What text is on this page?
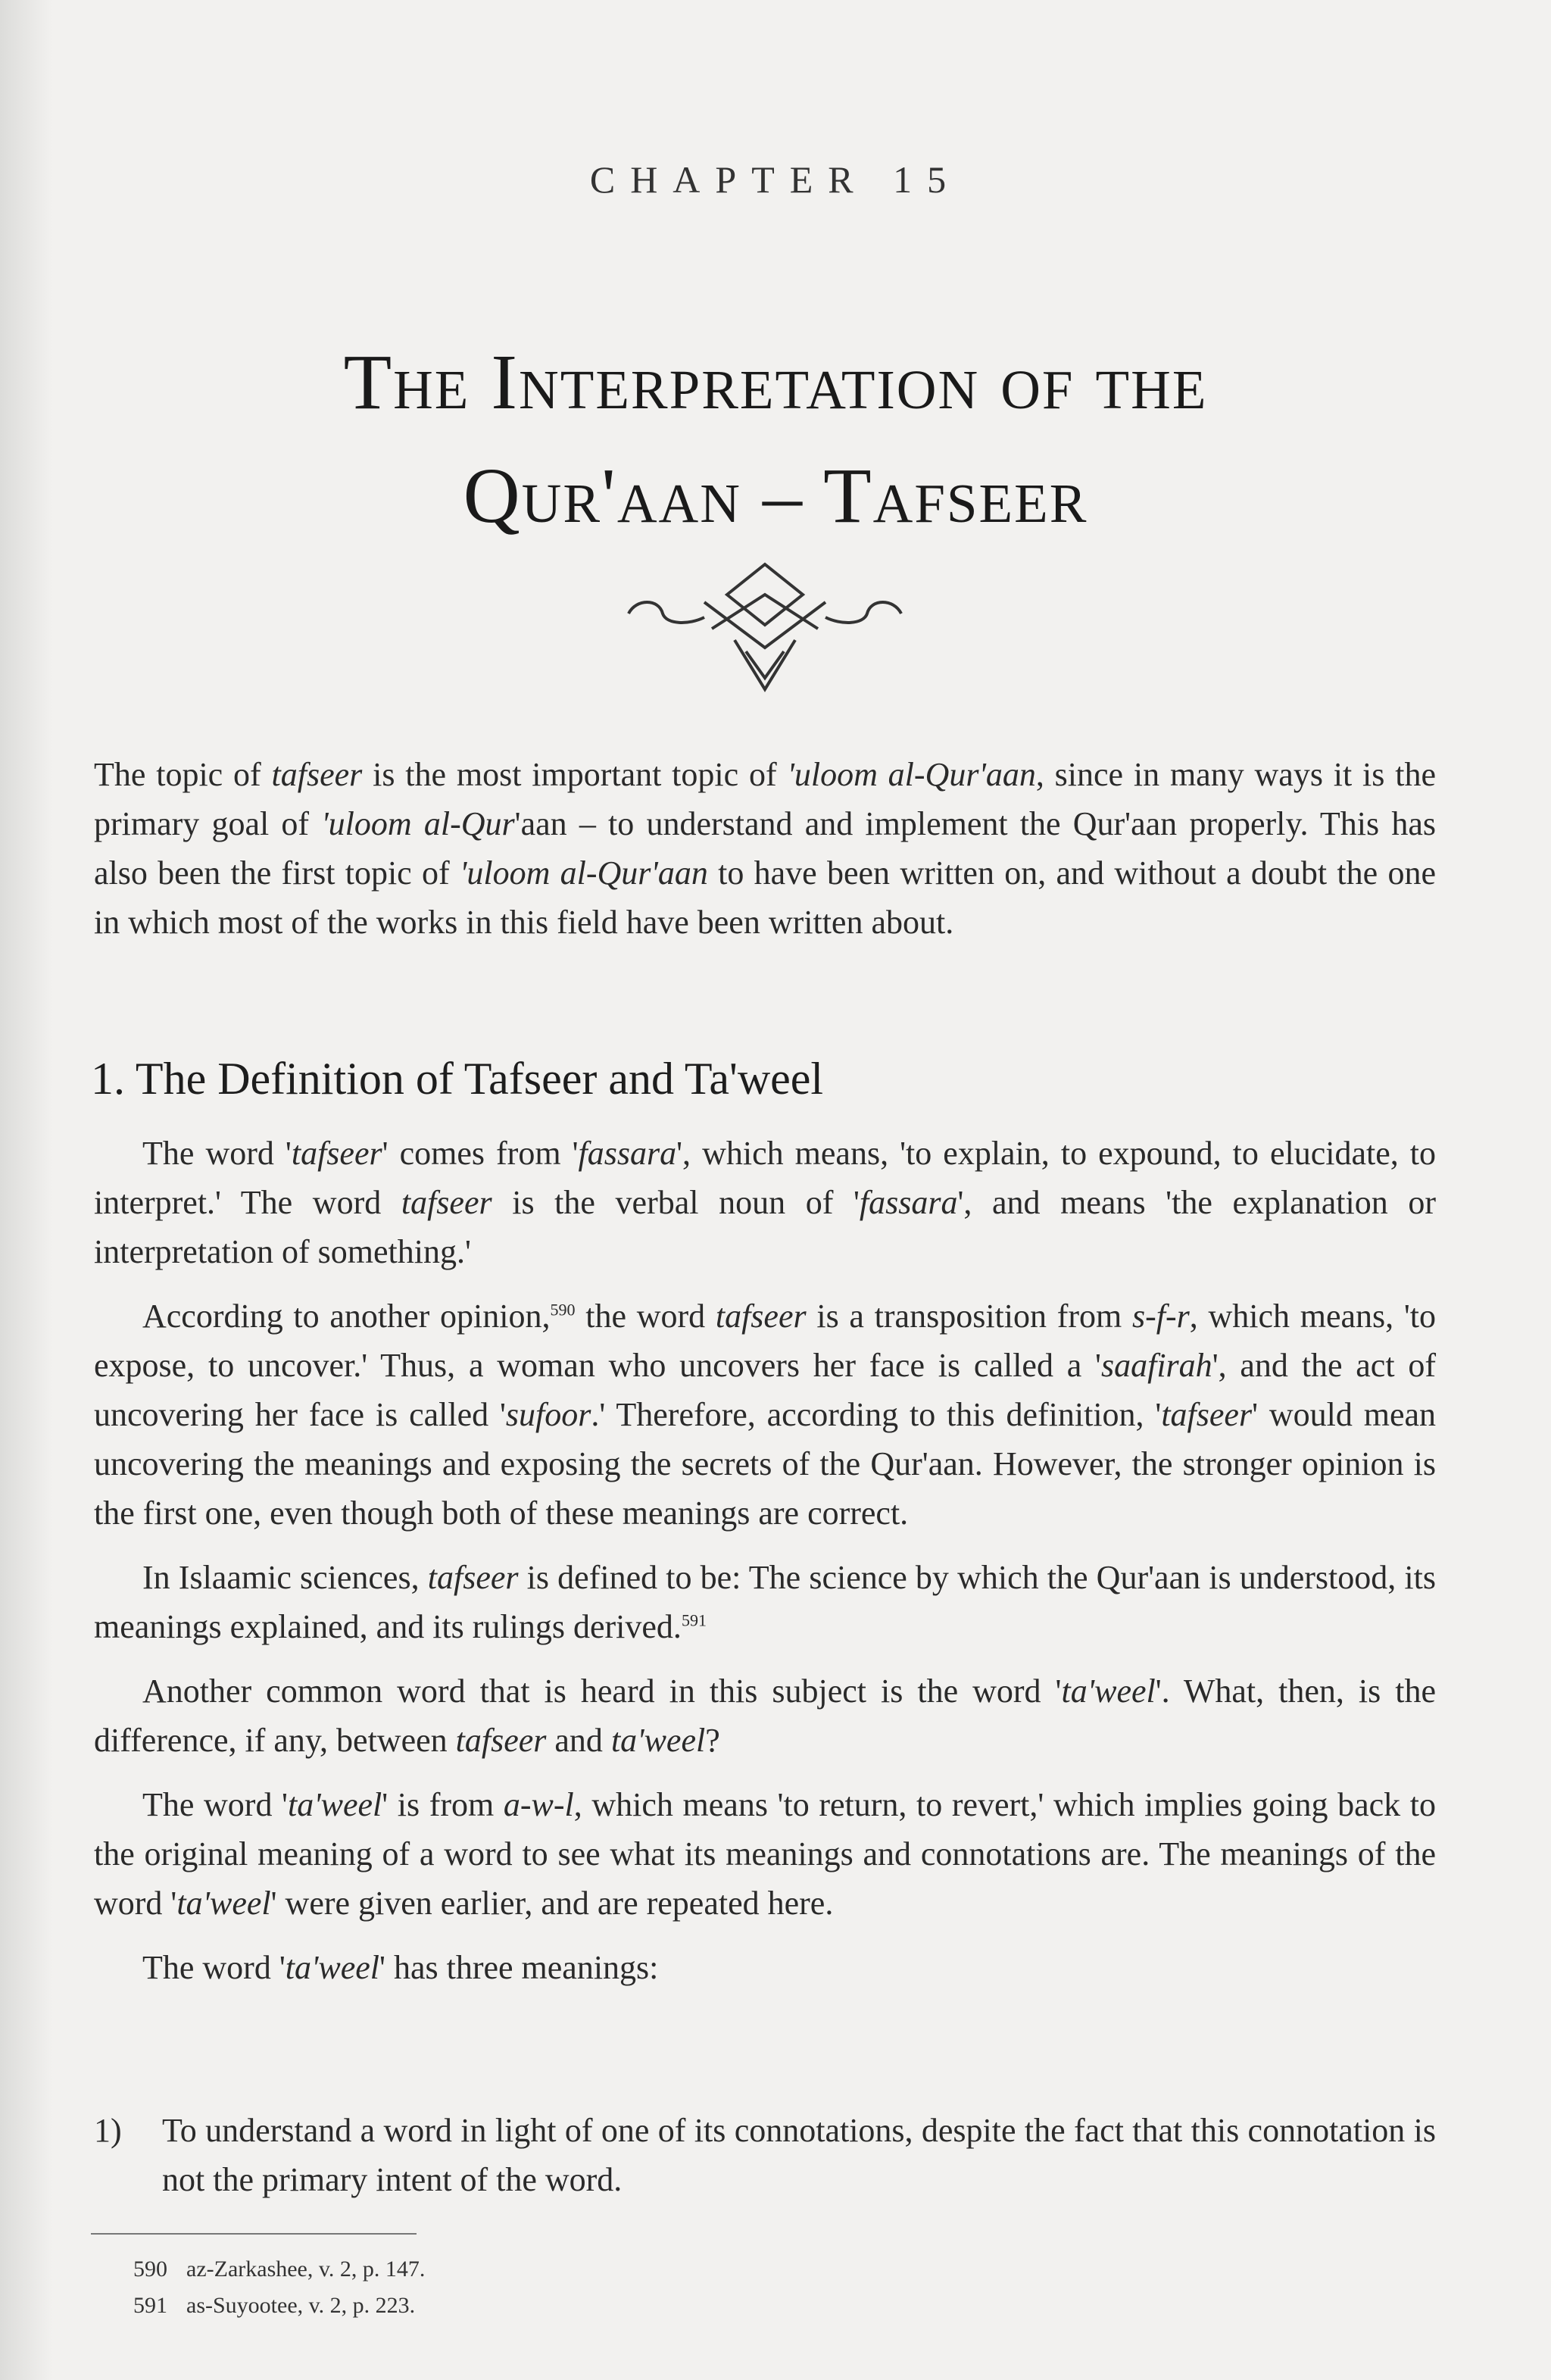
CHAPTER 15
The Interpretation of the
Qur'aan – Tafseer

The topic of tafseer is the most important topic of 'uloom al-Qur'aan, since in many ways it is the primary goal of 'uloom al-Qur'aan – to understand and implement the Qur'aan properly. This has also been the first topic of 'uloom al-Qur'aan to have been written on, and without a doubt the one in which most of the works in this field have been written about.

1. The Definition of Tafseer and Ta'weel

The word 'tafseer' comes from 'fassara', which means, 'to explain, to expound, to elucidate, to interpret.' The word tafseer is the verbal noun of 'fassara', and means 'the explanation or interpretation of something.'

According to another opinion,$^{590}$ the word tafseer is a transposition from s-f-r, which means, 'to expose, to uncover.' Thus, a woman who uncovers her face is called a 'saafirah', and the act of uncovering her face is called 'sufoor.' Therefore, according to this definition, 'tafseer' would mean uncovering the meanings and exposing the secrets of the Qur'aan. However, the stronger opinion is the first one, even though both of these meanings are correct.

In Islaamic sciences, tafseer is defined to be: The science by which the Qur'aan is understood, its meanings explained, and its rulings derived.$^{591}$

Another common word that is heard in this subject is the word 'ta'weel'. What, then, is the difference, if any, between tafseer and ta'weel?

The word 'ta'weel' is from a-w-l, which means 'to return, to revert,' which implies going back to the original meaning of a word to see what its meanings and connotations are. The meanings of the word 'ta'weel' were given earlier, and are repeated here.

The word 'ta'weel' has three meanings:

1) To understand a word in light of one of its connotations, despite the fact that this connotation is not the primary intent of the word.
590 az-Zarkashee, v. 2, p. 147.
591 as-Suyootee, v. 2, p. 223.
